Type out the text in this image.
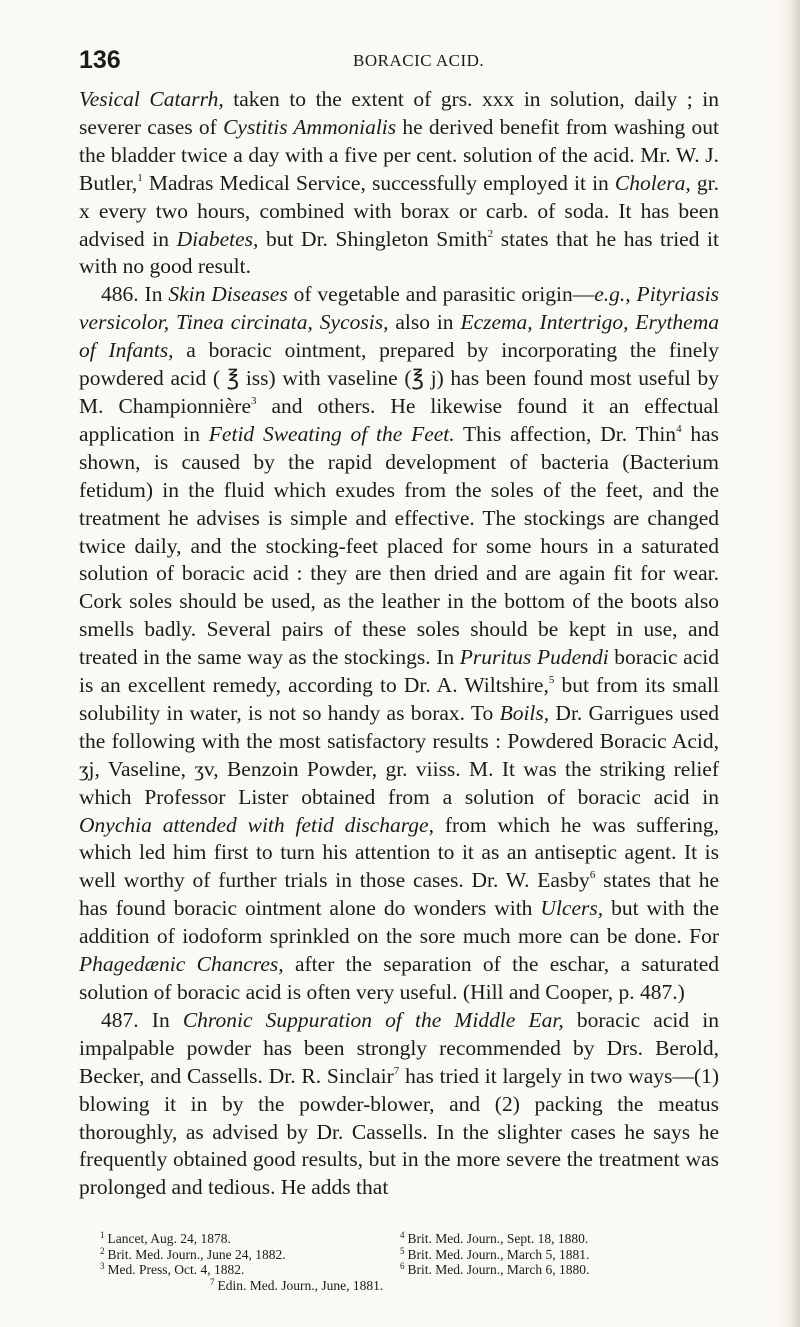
136	BORACIC ACID.

Vesical Catarrh, taken to the extent of grs. xxx in solution, daily ; in severer cases of Cystitis Ammonialis he derived benefit from washing out the bladder twice a day with a five per cent. solution of the acid. Mr. W. J. Butler,$^1$ Madras Medical Service, successfully employed it in Cholera, gr. x every two hours, combined with borax or carb. of soda. It has been advised in Diabetes, but Dr. Shingleton Smith$^2$ states that he has tried it with no good result.

486. In Skin Diseases of vegetable and parasitic origin—e.g., Pityriasis versicolor, Tinea circinata, Sycosis, also in Eczema, Intertrigo, Erythema of Infants, a boracic ointment, prepared by incorporating the finely powdered acid ( ℥ iss) with vaseline (℥ j) has been found most useful by M. Championnière$^3$ and others. He likewise found it an effectual application in Fetid Sweating of the Feet. This affection, Dr. Thin$^4$ has shown, is caused by the rapid development of bacteria (Bacterium fetidum) in the fluid which exudes from the soles of the feet, and the treatment he advises is simple and effective. The stockings are changed twice daily, and the stocking-feet placed for some hours in a saturated solution of boracic acid : they are then dried and are again fit for wear. Cork soles should be used, as the leather in the bottom of the boots also smells badly. Several pairs of these soles should be kept in use, and treated in the same way as the stockings. In Pruritus Pudendi boracic acid is an excellent remedy, according to Dr. A. Wiltshire,$^5$ but from its small solubility in water, is not so handy as borax. To Boils, Dr. Garrigues used the following with the most satisfactory results : Powdered Boracic Acid, ʒj, Vaseline, ʒv, Benzoin Powder, gr. viiss. M. It was the striking relief which Professor Lister obtained from a solution of boracic acid in Onychia attended with fetid discharge, from which he was suffering, which led him first to turn his attention to it as an antiseptic agent. It is well worthy of further trials in those cases. Dr. W. Easby$^6$ states that he has found boracic ointment alone do wonders with Ulcers, but with the addition of iodoform sprinkled on the sore much more can be done. For Phagedænic Chancres, after the separation of the eschar, a saturated solution of boracic acid is often very useful. (Hill and Cooper, p. 487.)

487. In Chronic Suppuration of the Middle Ear, boracic acid in impalpable powder has been strongly recommended by Drs. Berold, Becker, and Cassells. Dr. R. Sinclair$^7$ has tried it largely in two ways—(1) blowing it in by the powder-blower, and (2) packing the meatus thoroughly, as advised by Dr. Cassells. In the slighter cases he says he frequently obtained good results, but in the more severe the treatment was prolonged and tedious. He adds that

$^1$ Lancet, Aug. 24, 1878.	$^4$ Brit. Med. Journ., Sept. 18, 1880.
$^2$ Brit. Med. Journ., June 24, 1882.	$^5$ Brit. Med. Journ., March 5, 1881.
$^3$ Med. Press, Oct. 4, 1882.	$^6$ Brit. Med. Journ., March 6, 1880.
$^7$ Edin. Med. Journ., June, 1881.
